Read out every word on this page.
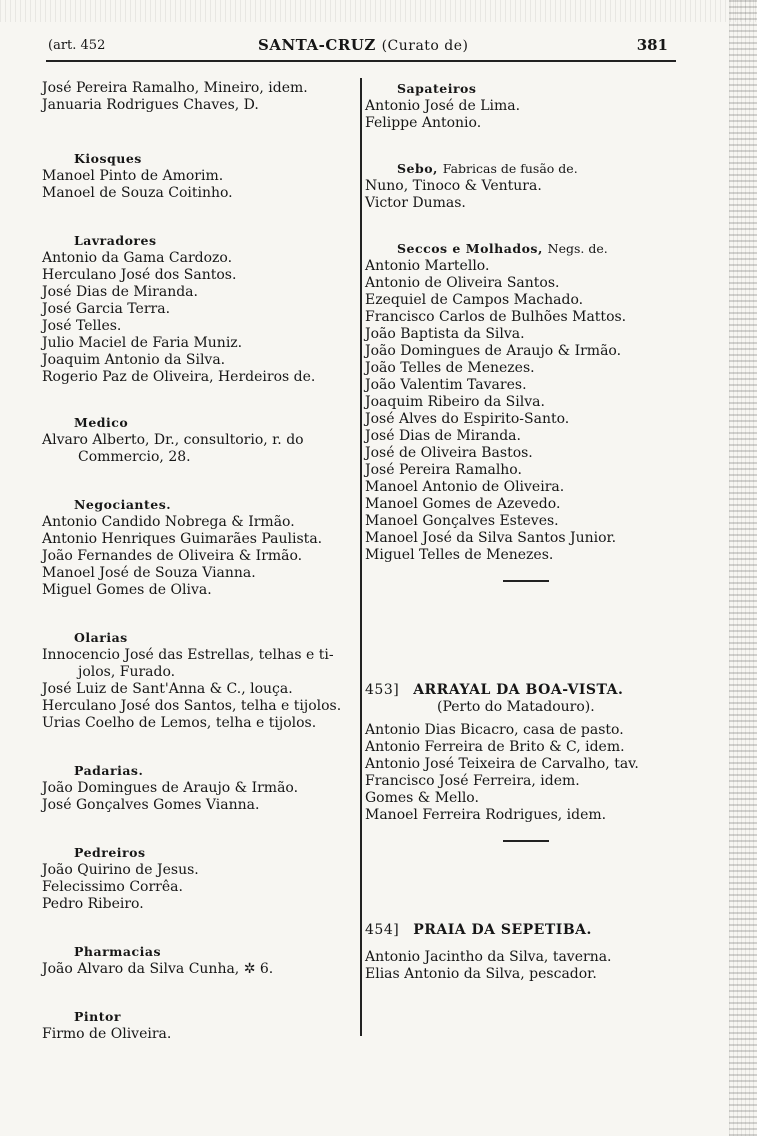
(art. 452	SANTA-CRUZ (Curato de)	381
José Pereira Ramalho, Mineiro, idem.
Januaria Rodrigues Chaves, D.
Kiosques
Manoel Pinto de Amorim.
Manoel de Souza Coitinho.
Lavradores
Antonio da Gama Cardozo.
Herculano José dos Santos.
José Dias de Miranda.
José Garcia Terra.
José Telles.
Julio Maciel de Faria Muniz.
Joaquim Antonio da Silva.
Rogerio Paz de Oliveira, Herdeiros de.
Medico
Alvaro Alberto, Dr., consultorio, r. do
Commercio, 28.
Negociantes.
Antonio Candido Nobrega & Irmão.
Antonio Henriques Guimarães Paulista.
João Fernandes de Oliveira & Irmão.
Manoel José de Souza Vianna.
Miguel Gomes de Oliva.
Olarias
Innocencio José das Estrellas, telhas e ti-
jolos, Furado.
José Luiz de Sant'Anna & C., louça.
Herculano José dos Santos, telha e tijolos.
Urias Coelho de Lemos, telha e tijolos.
Padarias.
João Domingues de Araujo & Irmão.
José Gonçalves Gomes Vianna.
Pedreiros
João Quirino de Jesus.
Felecissimo Corrêa.
Pedro Ribeiro.
Pharmacias
João Alvaro da Silva Cunha, ✲ 6.
Pintor
Firmo de Oliveira.
Sapateiros
Antonio José de Lima.
Felippe Antonio.
Sebo, Fabricas de fusão de.
Nuno, Tinoco & Ventura.
Victor Dumas.
Seccos e Molhados, Negs. de.
Antonio Martello.
Antonio de Oliveira Santos.
Ezequiel de Campos Machado.
Francisco Carlos de Bulhões Mattos.
João Baptista da Silva.
João Domingues de Araujo & Irmão.
João Telles de Menezes.
João Valentim Tavares.
Joaquim Ribeiro da Silva.
José Alves do Espirito-Santo.
José Dias de Miranda.
José de Oliveira Bastos.
José Pereira Ramalho.
Manoel Antonio de Oliveira.
Manoel Gomes de Azevedo.
Manoel Gonçalves Esteves.
Manoel José da Silva Santos Junior.
Miguel Telles de Menezes.
453] ARRAYAL DA BOA-VISTA.
(Perto do Matadouro).
Antonio Dias Bicacro, casa de pasto.
Antonio Ferreira de Brito & C, idem.
Antonio José Teixeira de Carvalho, tav.
Francisco José Ferreira, idem.
Gomes & Mello.
Manoel Ferreira Rodrigues, idem.
454] PRAIA DA SEPETIBA.
Antonio Jacintho da Silva, taverna.
Elias Antonio da Silva, pescador.
